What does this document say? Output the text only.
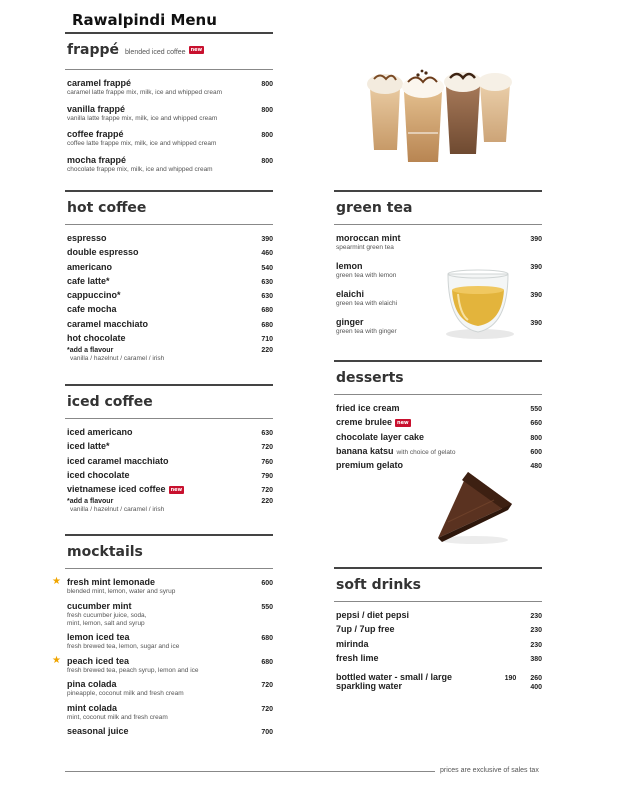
Rawalpindi Menu
frappé blended iced coffee new
caramel frappé	800
caramel latte frappe mix, milk, ice and whipped cream
vanilla frappé	800
vanilla latte frappe mix, milk, ice and whipped cream
coffee frappé	800
coffee latte frappe mix, milk, ice and whipped cream
mocha frappé	800
chocolate frappe mix, milk, ice and whipped cream
hot coffee
espresso	390
double espresso	460
americano	540
cafe latte*	630
cappuccino*	630
cafe mocha	680
caramel macchiato	680
hot chocolate	710
*add a flavour	220
vanilla / hazelnut / caramel / irish
iced coffee
iced americano	630
iced latte*	720
iced caramel macchiato	760
iced chocolate	790
vietnamese iced coffee new	720
*add a flavour	220
vanilla / hazelnut / caramel / irish
mocktails
★ fresh mint lemonade	600
blended mint, lemon, water and syrup
cucumber mint	550
fresh cucumber juice, soda,
mint, lemon, salt and syrup
lemon iced tea	680
fresh brewed tea, lemon, sugar and ice
★ peach iced tea	680
fresh brewed tea, peach syrup, lemon and ice
pina colada	720
pineapple, coconut milk and fresh cream
mint colada	720
mint, coconut milk and fresh cream
seasonal juice	700
green tea
moroccan mint	390
spearmint green tea
lemon	390
green tea with lemon
elaichi	390
green tea with elaichi
ginger	390
green tea with ginger
desserts
fried ice cream	550
creme brulee new	660
chocolate layer cake	800
banana katsu with choice of gelato	600
premium gelato	480
soft drinks
pepsi / diet pepsi	230
7up / 7up free	230
mirinda	230
fresh lime	380
bottled water - small / large	190 260
sparkling water	400
prices are exclusive of sales tax
